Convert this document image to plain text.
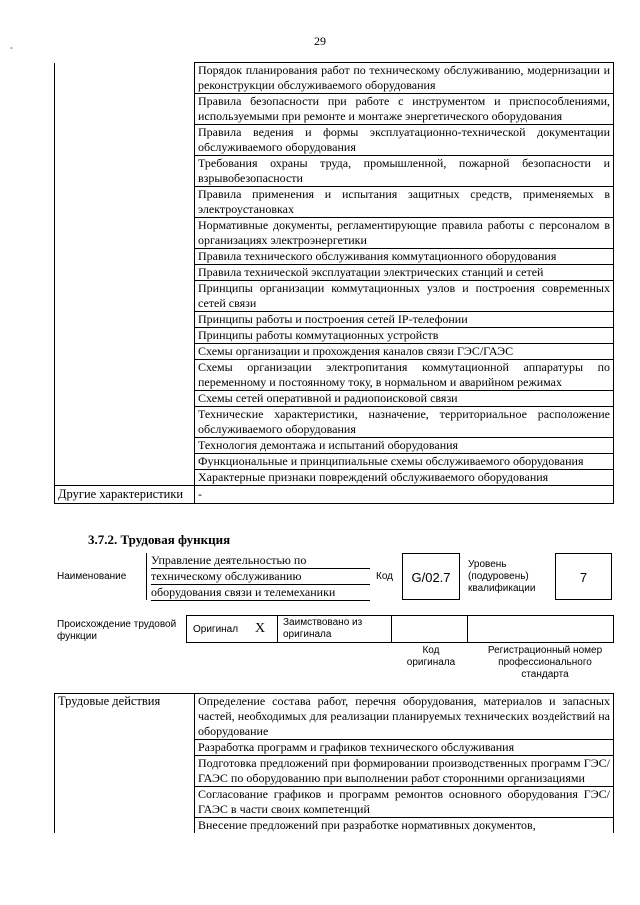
29
•
	Порядок планирования работ по техническому обслуживанию, модернизации и реконструкции обслуживаемого оборудования
	Правила безопасности при работе с инструментом и приспособлениями, используемыми при ремонте и монтаже энергетического оборудования
	Правила ведения и формы эксплуатационно-технической документации обслуживаемого оборудования
	Требования охраны труда, промышленной, пожарной безопасности и взрывобезопасности
	Правила применения и испытания защитных средств, применяемых в электроустановках
	Нормативные документы, регламентирующие правила работы с персоналом в организациях электроэнергетики
	Правила технического обслуживания коммутационного оборудования
	Правила технической эксплуатации электрических станций и сетей
	Принципы организации коммутационных узлов и построения современных сетей связи
	Принципы работы и построения сетей IP-телефонии
	Принципы работы коммутационных устройств
	Схемы организации и прохождения каналов связи ГЭС/ГАЭС
	Схемы организации электропитания коммутационной аппаратуры по переменному и постоянному току, в нормальном и аварийном режимах
	Схемы сетей оперативной и радиопоисковой связи
	Технические характеристики, назначение, территориальное расположение обслуживаемого оборудования
	Технология демонтажа и испытаний оборудования
	Функциональные и принципиальные схемы обслуживаемого оборудования
	Характерные признаки повреждений обслуживаемого оборудования
Другие характеристики	-
3.7.2. Трудовая функция
Наименование
Управление деятельностью по
техническому обслуживанию
оборудования связи и телемеханики
Код	G/02.7
Уровень (подуровень) квалификации
7
Происхождение трудовой функции
Оригинал X Заимствовано из оригинала
Код оригинала
Регистрационный номер профессионального стандарта
Трудовые действия	Определение состава работ, перечня оборудования, материалов и запасных частей, необходимых для реализации планируемых технических воздействий на оборудование
Разработка программ и графиков технического обслуживания
Подготовка предложений при формировании производственных программ ГЭС/ГАЭС по оборудованию при выполнении работ сторонними организациями
Согласование графиков и программ ремонтов основного оборудования ГЭС/ГАЭС в части своих компетенций
Внесение предложений при разработке нормативных документов,
